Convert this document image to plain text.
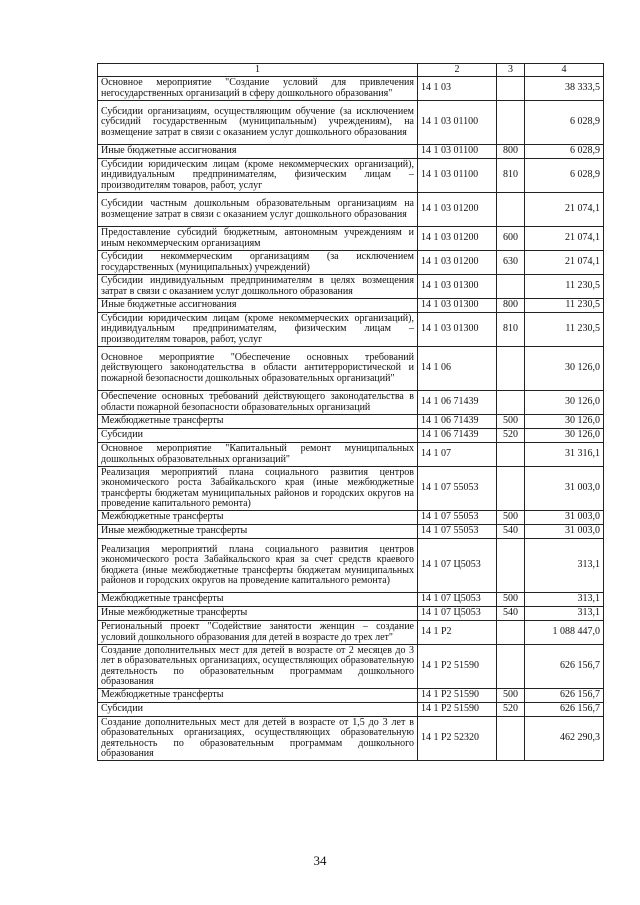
1	2	3	4
Основное мероприятие "Создание условий для привлечения негосударственных организаций в сферу дошкольного образования"	14 1 03		38 333,5
Субсидии организациям, осуществляющим обучение (за исключением субсидий государственным (муниципальным) учреждениям), на возмещение затрат в связи с оказанием услуг дошкольного образования	14 1 03 01100		6 028,9
Иные бюджетные ассигнования	14 1 03 01100	800	6 028,9
Субсидии юридическим лицам (кроме некоммерческих организаций), индивидуальным предпринимателям, физическим лицам – производителям товаров, работ, услуг	14 1 03 01100	810	6 028,9
Субсидии частным дошкольным образовательным организациям на возмещение затрат в связи с оказанием услуг дошкольного образования	14 1 03 01200		21 074,1
Предоставление субсидий бюджетным, автономным учреждениям и иным некоммерческим организациям	14 1 03 01200	600	21 074,1
Субсидии некоммерческим организациям (за исключением государственных (муниципальных) учреждений)	14 1 03 01200	630	21 074,1
Субсидии индивидуальным предпринимателям в целях возмещения затрат в связи с оказанием услуг дошкольного образования	14 1 03 01300		11 230,5
Иные бюджетные ассигнования	14 1 03 01300	800	11 230,5
Субсидии юридическим лицам (кроме некоммерческих организаций), индивидуальным предпринимателям, физическим лицам – производителям товаров, работ, услуг	14 1 03 01300	810	11 230,5
Основное мероприятие "Обеспечение основных требований действующего законодательства в области антитеррористической и пожарной безопасности дошкольных образовательных организаций"	14 1 06		30 126,0
Обеспечение основных требований действующего законодательства в области пожарной безопасности образовательных организаций	14 1 06 71439		30 126,0
Межбюджетные трансферты	14 1 06 71439	500	30 126,0
Субсидии	14 1 06 71439	520	30 126,0
Основное мероприятие "Капитальный ремонт муниципальных дошкольных образовательных организаций"	14 1 07		31 316,1
Реализация мероприятий плана социального развития центров экономического роста Забайкальского края (иные межбюджетные трансферты бюджетам муниципальных районов и городских округов на проведение капитального ремонта)	14 1 07 55053		31 003,0
Межбюджетные трансферты	14 1 07 55053	500	31 003,0
Иные межбюджетные трансферты	14 1 07 55053	540	31 003,0
Реализация мероприятий плана социального развития центров экономического роста Забайкальского края за счет средств краевого бюджета (иные межбюджетные трансферты бюджетам муниципальных районов и городских округов на проведение капитального ремонта)	14 1 07 Ц5053		313,1
Межбюджетные трансферты	14 1 07 Ц5053	500	313,1
Иные межбюджетные трансферты	14 1 07 Ц5053	540	313,1
Региональный проект "Содействие занятости женщин – создание условий дошкольного образования для детей в возрасте до трех лет"	14 1 P2		1 088 447,0
Создание дополнительных мест для детей в возрасте от 2 месяцев до 3 лет в образовательных организациях, осуществляющих образовательную деятельность по образовательным программам дошкольного образования	14 1 P2 51590		626 156,7
Межбюджетные трансферты	14 1 P2 51590	500	626 156,7
Субсидии	14 1 P2 51590	520	626 156,7
Создание дополнительных мест для детей в возрасте от 1,5 до 3 лет в образовательных организациях, осуществляющих образовательную деятельность по образовательным программам дошкольного образования	14 1 P2 52320		462 290,3
34
